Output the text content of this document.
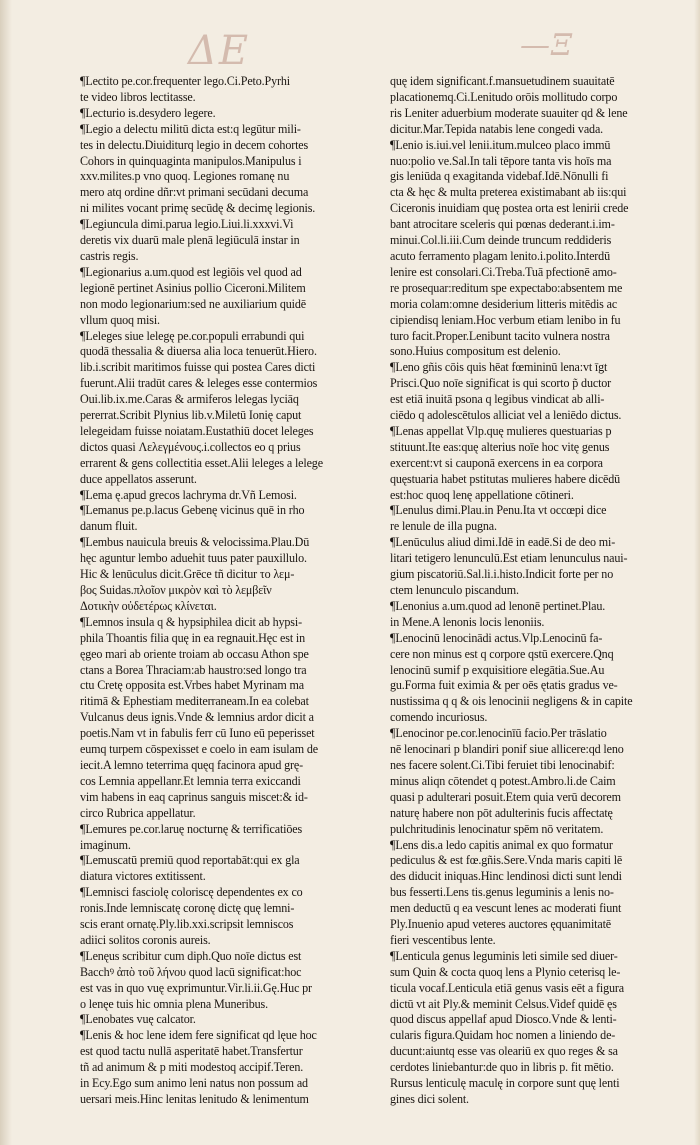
ΔE	—Ξ
¶Lectito pe.cor.frequenter lego.Ci.Peto.Pyrhi
te video libros lectitasse.
¶Lecturio is.desydero legere.
¶Legio a delectu militū dicta est:q legūtur mili-
tes in delectu.Diuiditurq legio in decem cohortes
Cohors in quinquaginta manipulos.Manipulus i
xxv.milites.p vno quoq. Legiones romanę nu
mero atq ordine dñr:vt primani secūdani decuma
ni milites vocant primę secūdę & decimę legionis.
¶Legiuncula dimi.parua legio.Liui.li.xxxvi.Vi
deretis vix duarū male plenā legiūculā instar in
castris regis.
¶Legionarius a.um.quod est legiōis vel quod ad
legionē pertinet Asinius pollio Ciceroni.Militem
non modo legionarium:sed ne auxiliarium quidē
vllum quoq misi.
¶Leleges siue lelegę pe.cor.populi errabundi qui
quodā thessalia & diuersa alia loca tenuerūt.Hiero.
lib.i.scribit maritimos fuisse qui postea Cares dicti
fuerunt.Alii tradūt cares & leleges esse contermios
Oui.lib.ix.me.Caras & armiferos lelegas lyciāq
pererrat.Scribit Plynius lib.v.Miletū Ionię caput
lelegeidam fuisse noiatam.Eustathiū docet leleges
dictos quasi Λελεγμένους.i.collectos eo q prius
errarent & gens collectitia esset.Alii leleges a lelege
duce appellatos asserunt.
¶Lema ę.apud grecos lachryma dr.Vñ Lemosi.
¶Lemanus pe.p.lacus Gebenę vicinus quē in rho
danum fluit.
¶Lembus nauicula breuis & velocissima.Plau.Dū
hęc aguntur lembo aduehit tuus pater pauxillulo.
Hic & lenūculus dicit.Grēce tñ dicitur το λεμ-
βος Suidas.πλοῖον μικρὸν καὶ τὸ λεμβεῖν
Δοτικὴν οὐδετέρως κλίνεται.
¶Lemnos insula q & hypsiphilea dicit ab hypsi-
phila Thoantis filia quę in ea regnauit.Hęc est in
ęgeo mari ab oriente troiam ab occasu Athon spe
ctans a Borea Thraciam:ab haustro:sed longo tra
ctu Cretę opposita est.Vrbes habet Myrinam ma
ritimā & Ephestiam mediterraneam.In ea colebat
Vulcanus deus ignis.Vnde & lemnius ardor dicit a
poetis.Nam vt in fabulis ferr cū Iuno eū peperisset
eumq turpem cōspexisset e coelo in eam isulam de
iecit.A lemno teterrima quęq facinora apud grę-
cos Lemnia appellanr.Et lemnia terra exiccandi
vim habens in eaq caprinus sanguis miscet:& id-
circo Rubrica appellatur.
¶Lemures pe.cor.laruę nocturnę & terrificatiōes
imaginum.
¶Lemuscatū premiū quod reportabāt:qui ex gla
diatura victores extitissent.
¶Lemnisci fasciolę coloriscę dependentes ex co
ronis.Inde lemniscatę coronę dictę quę lemni-
scis erant ornatę.Ply.lib.xxi.scripsit lemniscos
adiici solitos coronis aureis.
¶Lenęus scribitur cum diph.Quo noīe dictus est
Bacchꝰ ἀπὸ τοῦ λήνου quod lacū significat:hoc
est vas in quo vuę exprimuntur.Vir.li.ii.Gę.Huc pr
o lenęe tuis hic omnia plena Muneribus.
¶Lenobates vuę calcator.
¶Lenis & hoc lene idem fere significat qd lęue hoc
est quod tactu nullā asperitatē habet.Transfertur
tñ ad animum & p miti modestoq accipif.Teren.
in Ecy.Ego sum animo leni natus non possum ad
uersari meis.Hinc lenitas lenitudo & lenimentum
quę idem significant.f.mansuetudinem suauitatē
placationemq.Ci.Lenitudo orōis mollitudo corpo
ris Leniter aduerbium moderate suauiter qd & lene
dicitur.Mar.Tepida natabis lene congedi vada.
¶Lenio is.iui.vel lenii.itum.mulceo placo immū
nuo:polio ve.Sal.In tali tēpore tanta vis hoīs ma
gis leniūda q exagitanda videbaf.Idē.Nōnulli fi
cta & hęc & multa preterea existimabant ab iis:qui
Ciceronis inuidiam quę postea orta est lenirii crede
bant atrocitare sceleris qui pœnas dederant.i.im-
minui.Col.li.iii.Cum deinde truncum reddideris
acuto ferramento plagam lenito.i.polito.Interdū
lenire est consolari.Ci.Treba.Tuā pfectionē amo-
re prosequar:reditum spe expectabo:absentem me
moria colam:omne desiderium litteris mitēdis ac
cipiendisq leniam.Hoc verbum etiam lenibo in fu
turo facit.Proper.Lenibunt tacito vulnera nostra
sono.Huius compositum est delenio.
¶Leno gñis cōis quis hēat fœmininū lena:vt īgt
Prisci.Quo noīe significat is qui scorto p̃ ductor
est etiā inuitā psona q legibus vindicat ab alli-
ciēdo q adolescētulos alliciat vel a leniēdo dictus.
¶Lenas appellat Vlp.quę mulieres questuarias p
stituunt.Ite eas:quę alterius noīe hoc vitę genus
exercent:vt si cauponā exercens in ea corpora
quęstuaria habet pstitutas mulieres habere dicēdū
est:hoc quoq lenę appellatione cōtineri.
¶Lenulus dimi.Plau.in Penu.Ita vt occœpi dice
re lenule de illa pugna.
¶Lenūculus aliud dimi.Idē in eadē.Si de deo mi-
litari tetigero lenunculū.Est etiam lenunculus naui-
gium piscatoriū.Sal.li.i.histo.Indicit forte per no
ctem lenunculo piscandum.
¶Lenonius a.um.quod ad lenonē pertinet.Plau.
in Mene.A lenonis locis lenoniis.
¶Lenocinū lenocinādi actus.Vlp.Lenocinū fa-
cere non minus est q corpore qstū exercere.Qnq
lenocinū sumif p exquisitiore elegātia.Sue.Au
gu.Forma fuit eximia & per oēs ętatis gradus ve-
nustissima q q & ois lenocinii negligens & in capite
comendo incuriosus.
¶Lenocinor pe.cor.lenocinīū facio.Per trāslatio
nē lenocinari p blandiri ponif siue allicere:qd leno
nes facere solent.Ci.Tibi feruiet tibi lenocinabif:
minus aliqn cōtendet q potest.Ambro.li.de Caim
quasi p adulterari posuit.Etem quia verū decorem
naturę habere non pōt adulterinis fucis affectatę
pulchritudinis lenocinatur spēm nō veritatem.
¶Lens dis.a ledo capitis animal ex quo formatur
pediculus & est fœ.gñis.Sere.Vnda maris capiti lē
des diducit iniquas.Hinc lendinosi dicti sunt lendi
bus fesserti.Lens tis.genus leguminis a lenis no-
men deductū q ea vescunt lenes ac moderati fiunt
Ply.Inuenio apud veteres auctores ęquanimitatē
fieri vescentibus lente.
¶Lenticula genus leguminis leti simile sed diuer-
sum Quin & cocta quoq lens a Plynio ceterisq le-
ticula vocaf.Lenticula etiā genus vasis eēt a figura
dictū vt ait Ply.& meminit Celsus.Videf quidē ęs
quod discus appellaf apud Diosco.Vnde & lenti-
cularis figura.Quidam hoc nomen a liniendo de-
ducunt:aiuntq esse vas oleariū ex quo reges & sa
cerdotes liniebantur:de quo in libris p. fit mētio.
Rursus lenticulę maculę in corpore sunt quę lenti
gines dici solent.
